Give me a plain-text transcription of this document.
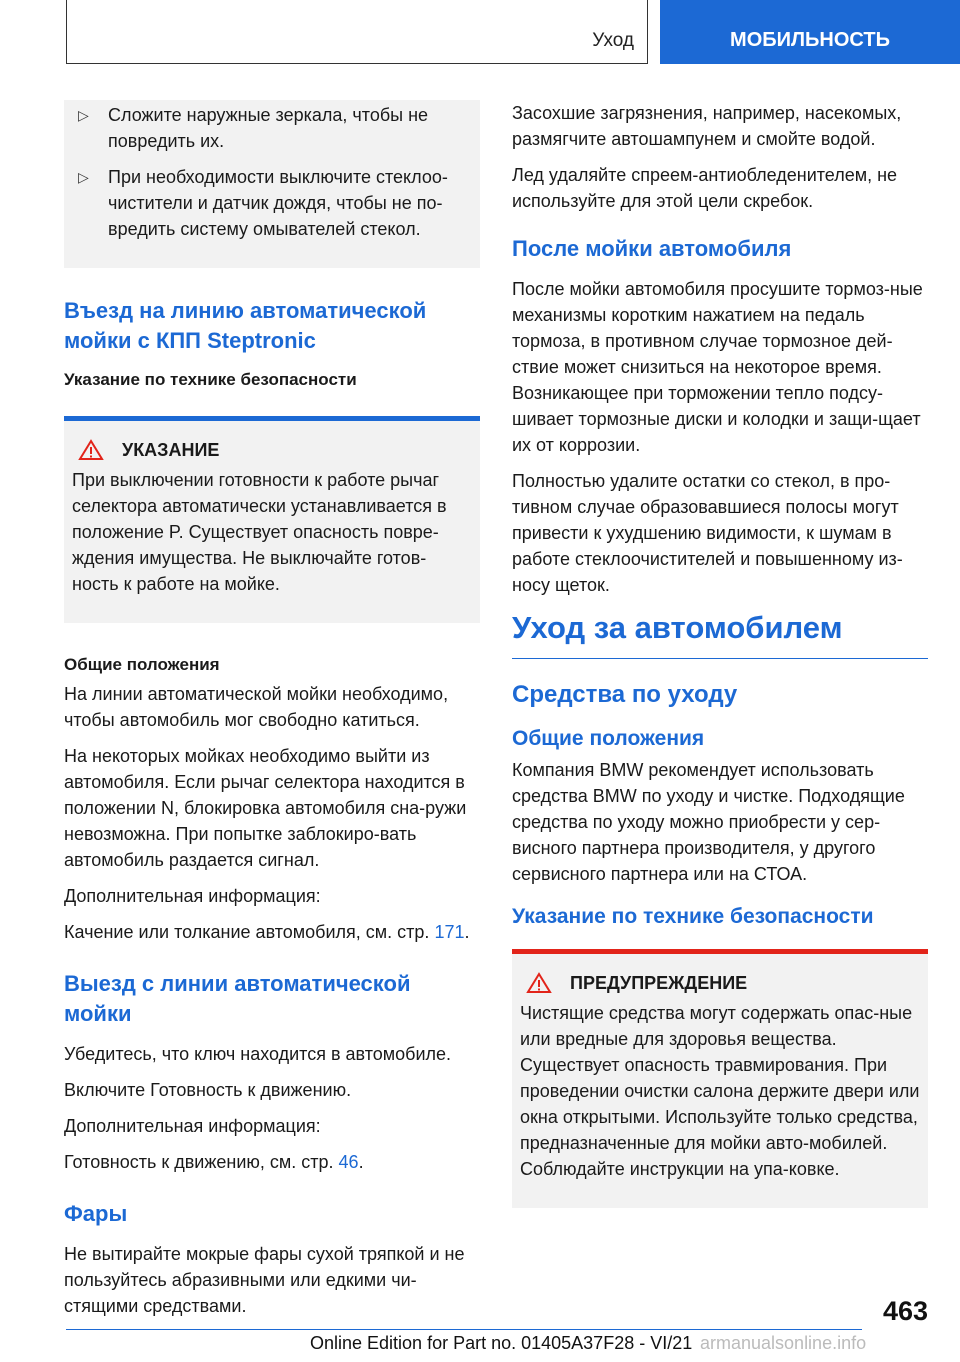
Уход	МОБИЛЬНОСТЬ
▷	Сложите наружные зеркала, чтобы не повредить их.

▷	При необходимости выключите стеклоо-чистители и датчик дождя, чтобы не по-вредить систему омывателей стекол.

Въезд на линию автоматической мойки с КПП Steptronic
Указание по технике безопасности
УКАЗАНИЕ

При выключении готовности к работе рычаг селектора автоматически устанавливается в положение P. Существует опасность повре-ждения имущества. Не выключайте готов-ность к работе на мойке.

Общие положения

На линии автоматической мойки необходимо, чтобы автомобиль мог свободно катиться.

На некоторых мойках необходимо выйти из автомобиля. Если рычаг селектора находится в положении N, блокировка автомобиля сна-ружи невозможна. При попытке заблокиро-вать автомобиль раздается сигнал.

Дополнительная информация:

Качение или толкание автомобиля, см. стр. 171.

Выезд с линии автоматической мойки

Убедитесь, что ключ находится в автомобиле.

Включите Готовность к движению.

Дополнительная информация:

Готовность к движению, см. стр. 46.

Фары

Не вытирайте мокрые фары сухой тряпкой и не пользуйтесь абразивными или едкими чи-стящими средствами.

Засохшие загрязнения, например, насекомых, размягчите автошампунем и смойте водой.

Лед удаляйте спреем-антиобледенителем, не используйте для этой цели скребок.

После мойки автомобиля

После мойки автомобиля просушите тормоз-ные механизмы коротким нажатием на педаль тормоза, в противном случае тормозное дей-ствие может снизиться на некоторое время. Возникающее при торможении тепло подсу-шивает тормозные диски и колодки и защи-щает их от коррозии.

Полностью удалите остатки со стекол, в про-тивном случае образовавшиеся полосы могут привести к ухудшению видимости, к шумам в работе стеклоочистителей и повышенному из-носу щеток.

Уход за автомобилем
Средства по уходу
Общие положения

Компания BMW рекомендует использовать средства BMW по уходу и чистке. Подходящие средства по уходу можно приобрести у сер-висного партнера производителя, у другого сервисного партнера или на СТОА.

Указание по технике безопасности
ПРЕДУПРЕЖДЕНИЕ

Чистящие средства могут содержать опас-ные или вредные для здоровья вещества. Существует опасность травмирования. При проведении очистки салона держите двери или окна открытыми. Используйте только средства, предназначенные для мойки авто-мобилей. Соблюдайте инструкции на упа-ковке.

463
Online Edition for Part no. 01405A37F28 - VI/21 armanualsonline.info
